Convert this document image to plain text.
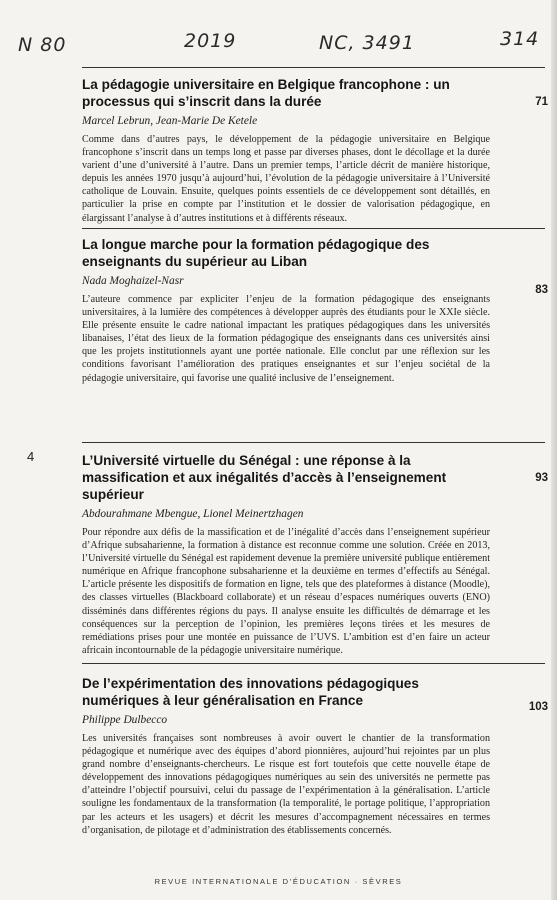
N 80	2019	NC, 3491	314
4
La pédagogie universitaire en Belgique francophone : un processus qui s’inscrit dans la durée	71

Marcel Lebrun, Jean-Marie De Ketele

Comme dans d’autres pays, le développement de la pédagogie universitaire en Belgique francophone s’inscrit dans un temps long et passe par diverses phases, dont le décollage et la durée varient d’une d’université à l’autre. Dans un premier temps, l’article décrit de manière historique, depuis les années 1970 jusqu’à aujourd’hui, l’évolution de la pédagogie universitaire à l’Université catholique de Louvain. Ensuite, quelques points essentiels de ce développement sont détaillés, en particulier la prise en compte par l’institution et le dossier de valorisation pédagogique, en élargissant l’analyse à d’autres institutions et à différents réseaux.

La longue marche pour la formation pédagogique des enseignants du supérieur au Liban
83

Nada Moghaizel-Nasr

L’auteure commence par expliciter l’enjeu de la formation pédagogique des enseignants universitaires, à la lumière des compétences à développer auprès des étudiants pour le XXIe siècle. Elle présente ensuite le cadre national impactant les pratiques pédagogiques dans les universités libanaises, l’état des lieux de la formation pédagogique des enseignants dans ces universités ainsi que les projets institutionnels ayant une portée nationale. Elle conclut par une réflexion sur les conditions favorisant l’amélioration des pratiques enseignantes et sur l’enjeu sociétal de la pédagogie universitaire, qui favorise une qualité inclusive de l’enseignement.

L’Université virtuelle du Sénégal : une réponse à la massification et aux inégalités d’accès à l’enseignement supérieur
93

Abdourahmane Mbengue, Lionel Meinertzhagen

Pour répondre aux défis de la massification et de l’inégalité d’accès dans l’enseignement supérieur d’Afrique subsaharienne, la formation à distance est reconnue comme une solution. Créée en 2013, l’Université virtuelle du Sénégal est rapidement devenue la première université publique entièrement numérique en Afrique francophone subsaharienne et la deuxième en termes d’effectifs au Sénégal. L’article présente les dispositifs de formation en ligne, tels que des plateformes à distance (Moodle), des classes virtuelles (Blackboard collaborate) et un réseau d’espaces numériques ouverts (ENO) disséminés dans différentes régions du pays. Il analyse ensuite les difficultés de démarrage et les conséquences sur la perception de l’opinion, les premières leçons tirées et les mesures de remédiations prises pour une montée en puissance de l’UVS. L’ambition est d’en faire un acteur africain incontournable de la pédagogie universitaire numérique.

De l’expérimentation des innovations pédagogiques numériques à leur généralisation en France	103

Philippe Dulbecco

Les universités françaises sont nombreuses à avoir ouvert le chantier de la transformation pédagogique et numérique avec des équipes d’abord pionnières, aujourd’hui rejointes par un plus grand nombre d’enseignants-chercheurs. Le risque est fort toutefois que cette nouvelle étape de développement des innovations pédagogiques numériques au sein des universités ne permette pas d’atteindre l’objectif poursuivi, celui du passage de l’expérimentation à la généralisation. L’article souligne les fondamentaux de la transformation (la temporalité, le portage politique, l’appropriation par les acteurs et les usagers) et décrit les mesures d’accompagnement nécessaires en termes d’organisation, de pilotage et d’administration des établissements concernés.

REVUE INTERNATIONALE D’ÉDUCATION · SÈVRES
